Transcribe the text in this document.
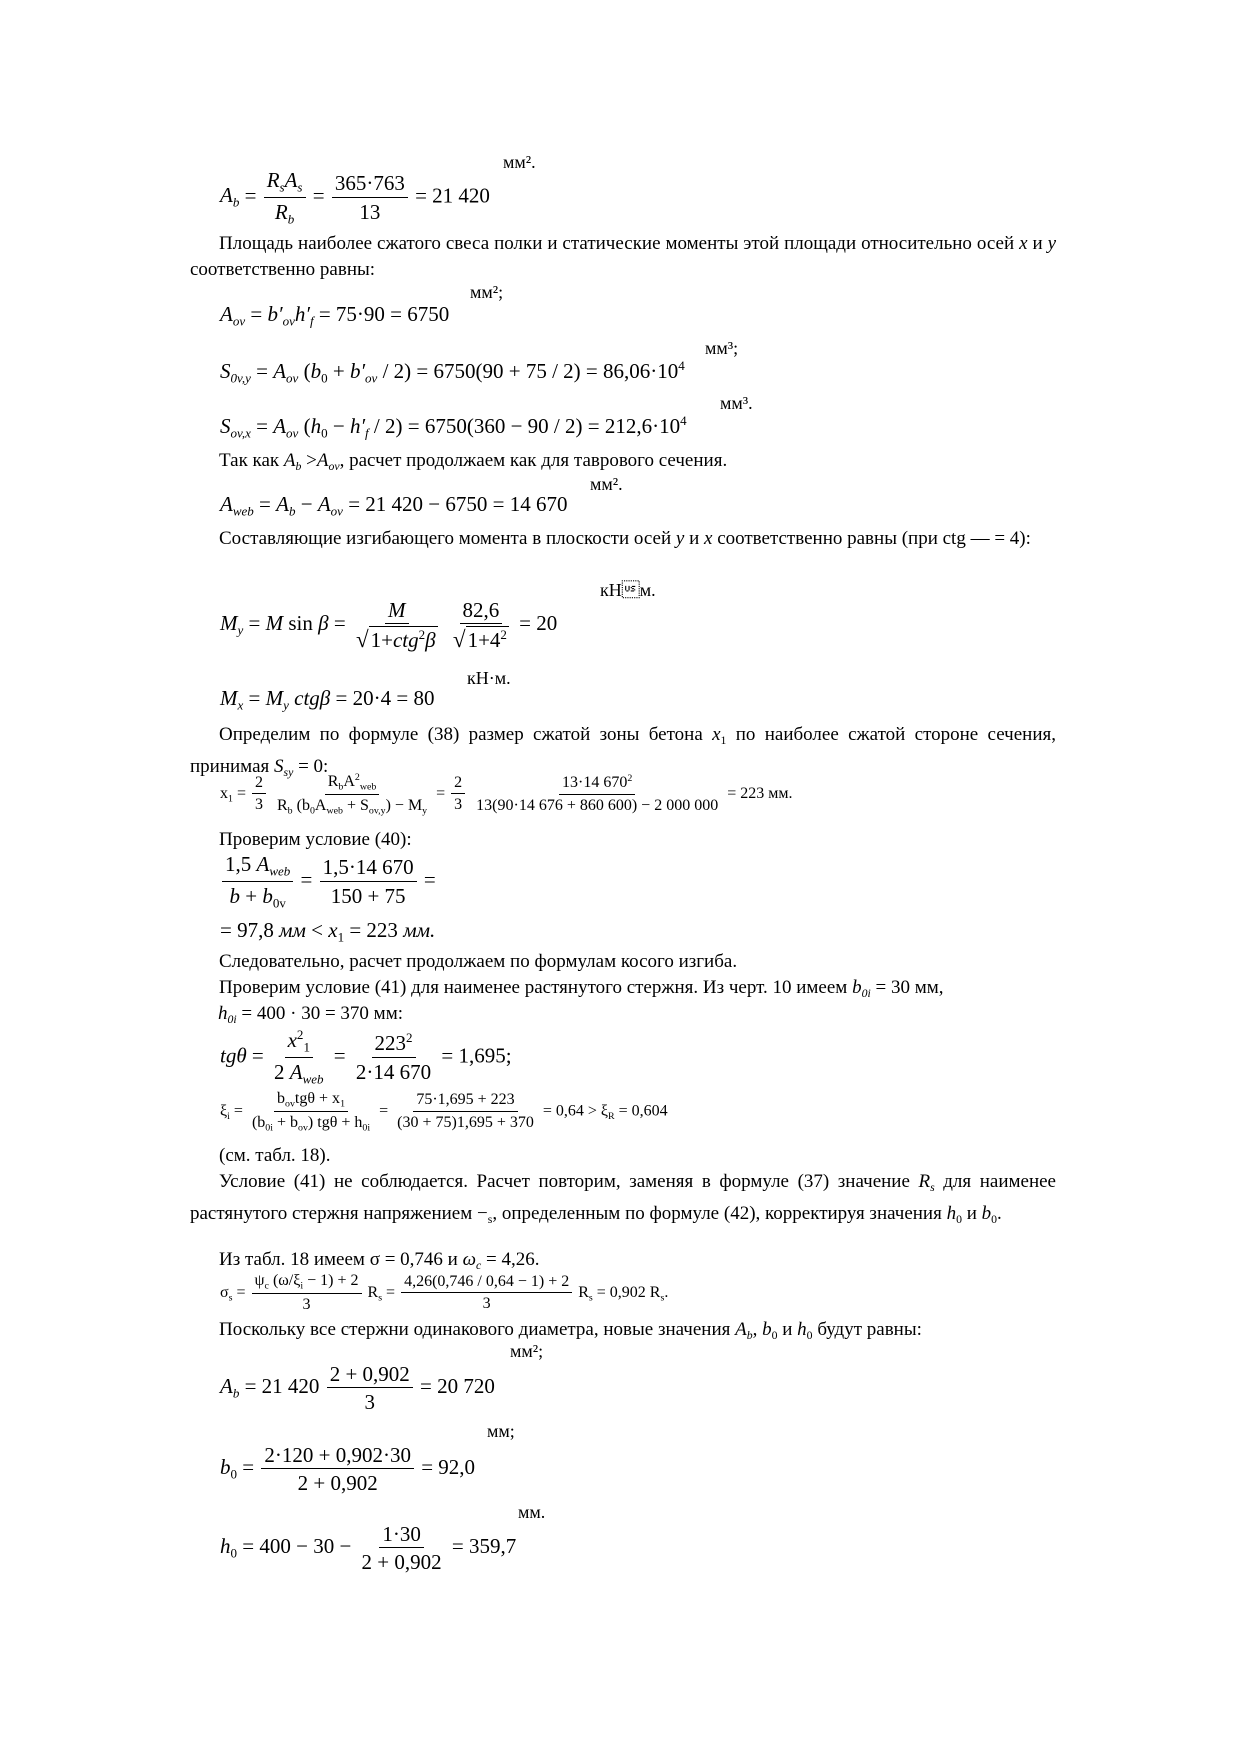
мм².
$A_b = \frac{R_sA_s}{R_b} = \frac{365\cdot 763}{13} = 21$ 420
Площадь наиболее сжатого свеса полки и статические моменты этой площади относительно осей x и y соответственно равны:
мм²;
$A_{ov} = b'_{ov}h'_f = 75\cdot 90 = 6750$
мм³;
$S_{0v,y} = A_{ov}$ $(b_0 + b'_{ov} / 2) = 6750(90 + 75 / 2) = 86,06\cdot 10^4$
мм³.
$S_{ov,x} = A_{ov}$ $(h_0 - h'_f / 2) = 6750(360 - 90 / 2) = 212,6\cdot 10^4$
Так как $A_b >A_{ov}$, расчет продолжаем как для таврового сечения.
мм².
$A_{web} = A_b - A_{ov} = 21$ 420 − 6750 = 14 670
Составляющие изгибающего момента в плоскости осей y и x соответственно равны (при ctg — = 4):
кНм.
$M_y = M$ $\sin \beta = \frac{M}{√1+ctg^2\beta}$
$\frac{82,6}{√1+4^2} = 20$
кН·м.
$M_x = M_y$ ctgβ = 20·4 = 80
Определим по формуле (38) размер сжатой зоны бетона $x_1$ по наиболее сжатой стороне сечения, принимая $S_{sy} = 0$:
$x_1 = \frac{2}{3}$
$\frac{R_bA^2_{web}}{R_b (b_0A_{web} + S_{ov,y}) - M_y} = \frac{2}{3}$
$\frac{13\cdot 14 670^2}{13(90\cdot 14 676 + 860 600) - 2 000 000} = 223$ мм.
Проверим условие (40):
$\frac{1,5 A_{web}}{b + b_{0v}} = \frac{1,5\cdot 14 670}{150 + 75}$ =
= 97,8 мм < $x_1 = 223$ мм.
Следовательно, расчет продолжаем по формулам косого изгиба.
Проверим условие (41) для наименее растянутого стержня. Из черт. 10 имеем $b_{0i} = 30$ мм,
$h_{0i} = 400 \cdot 30 = 370$ мм:
$tg\theta = \frac{x^2_1}{2 A_{web}} = \frac{223^2}{2\cdot 14 670} = 1,695$;
$\xi_i = \frac{b_{ov}tg\theta + x_1}{(b_{0i} + b_{ov}) tg\theta + h_{0i}} = \frac{75\cdot 1,695 + 223}{(30 + 75)1,695 + 370} = 0,64 > \xi_R = 0,604$
(см. табл. 18).
Условие (41) не соблюдается. Расчет повторим, заменяя в формуле (37) значение $R_s$ для наименее растянутого стержня напряжением $-_s$, определенным по формуле (42), корректируя значения $h_0$ и $b_0$.
Из табл. 18 имеем σ = 0,746 и $\omega_c = 4,26$.
$\sigma_s = \frac{\psi_c (\omega/\xi_i - 1) + 2}{3} R_s = \frac{4,26(0,746 / 0,64 - 1) + 2}{3} R_s = 0,902$ $R_s$.
Поскольку все стержни одинакового диаметра, новые значения $A_b$, $b_0$ и $h_0$ будут равны:
мм²;
$A_b = 21$ $420 \frac{2 + 0,902}{3} = 20$ 720
мм;
$b_0 = \frac{2\cdot 120 + 0,902\cdot 30}{2 + 0,902} = 92,0$
мм.
$h_0 = 400 - 30 - \frac{1\cdot 30}{2 + 0,902} = 359,7$
